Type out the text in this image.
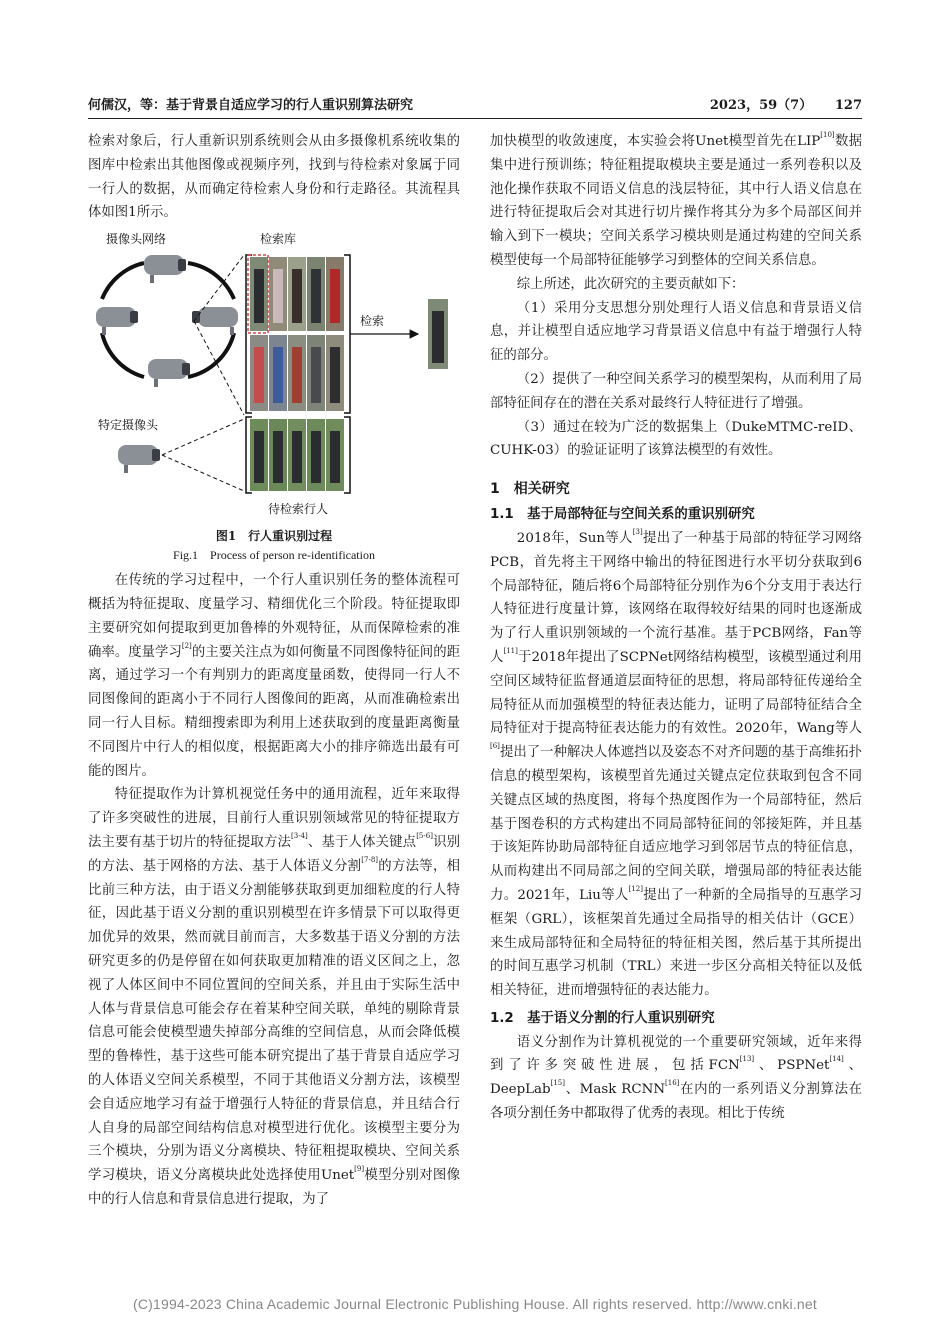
何儒汉，等：基于背景自适应学习的行人重识别算法研究	2023，59（7） 127

检索对象后，行人重新识别系统则会从由多摄像机系统收集的图库中检索出其他图像或视频序列，找到与待检索对象属于同一行人的数据，从而确定待检索人身份和行走路径。其流程具体如图1所示。

摄像头网络	检索库
检索
特定摄像头
待检索行人
图1　行人重识别过程
Fig.1　Process of person re-identification

在传统的学习过程中，一个行人重识别任务的整体流程可概括为特征提取、度量学习、精细优化三个阶段。特征提取即主要研究如何提取到更加鲁棒的外观特征，从而保障检索的准确率。度量学习[2]的主要关注点为如何衡量不同图像特征间的距离，通过学习一个有判别力的距离度量函数，使得同一行人不同图像间的距离小于不同行人图像间的距离，从而准确检索出同一行人目标。精细搜索即为利用上述获取到的度量距离衡量不同图片中行人的相似度，根据距离大小的排序筛选出最有可能的图片。

特征提取作为计算机视觉任务中的通用流程，近年来取得了许多突破性的进展，目前行人重识别领域常见的特征提取方法主要有基于切片的特征提取方法[3-4]、基于人体关键点[5-6]识别的方法、基于网格的方法、基于人体语义分割[7-8]的方法等，相比前三种方法，由于语义分割能够获取到更加细粒度的行人特征，因此基于语义分割的重识别模型在许多情景下可以取得更加优异的效果，然而就目前而言，大多数基于语义分割的方法研究更多的仍是停留在如何获取更加精准的语义区间之上，忽视了人体区间中不同位置间的空间关系，并且由于实际生活中人体与背景信息可能会存在着某种空间关联，单纯的剔除背景信息可能会使模型遗失掉部分高维的空间信息，从而会降低模型的鲁棒性，基于这些可能本研究提出了基于背景自适应学习的人体语义空间关系模型，不同于其他语义分割方法，该模型会自适应地学习有益于增强行人特征的背景信息，并且结合行人自身的局部空间结构信息对模型进行优化。该模型主要分为三个模块，分别为语义分离模块、特征粗提取模块、空间关系学习模块，语义分离模块此处选择使用Unet[9]模型分别对图像中的行人信息和背景信息进行提取，为了

加快模型的收敛速度，本实验会将Unet模型首先在LIP[10]数据集中进行预训练；特征粗提取模块主要是通过一系列卷积以及池化操作获取不同语义信息的浅层特征，其中行人语义信息在进行特征提取后会对其进行切片操作将其分为多个局部区间并输入到下一模块；空间关系学习模块则是通过构建的空间关系模型使每一个局部特征能够学习到整体的空间关系信息。

综上所述，此次研究的主要贡献如下：

（1）采用分支思想分别处理行人语义信息和背景语义信息，并让模型自适应地学习背景语义信息中有益于增强行人特征的部分。

（2）提供了一种空间关系学习的模型架构，从而利用了局部特征间存在的潜在关系对最终行人特征进行了增强。

（3）通过在较为广泛的数据集上（DukeMTMC-reID、CUHK-03）的验证证明了该算法模型的有效性。

1　相关研究
1.1　基于局部特征与空间关系的重识别研究

2018年，Sun等人[3]提出了一种基于局部的特征学习网络PCB，首先将主干网络中输出的特征图进行水平切分获取到6个局部特征，随后将6个局部特征分别作为6个分支用于表达行人特征进行度量计算，该网络在取得较好结果的同时也逐渐成为了行人重识别领域的一个流行基准。基于PCB网络，Fan等人[11]于2018年提出了SCPNet网络结构模型，该模型通过利用空间区域特征监督通道层面特征的思想，将局部特征传递给全局特征从而加强模型的特征表达能力，证明了局部特征结合全局特征对于提高特征表达能力的有效性。2020年，Wang等人[6]提出了一种解决人体遮挡以及姿态不对齐问题的基于高维拓扑信息的模型架构，该模型首先通过关键点定位获取到包含不同关键点区域的热度图，将每个热度图作为一个局部特征，然后基于图卷积的方式构建出不同局部特征间的邻接矩阵，并且基于该矩阵协助局部特征自适应地学习到邻居节点的特征信息，从而构建出不同局部之间的空间关联，增强局部的特征表达能力。2021年，Liu等人[12]提出了一种新的全局指导的互惠学习框架（GRL），该框架首先通过全局指导的相关估计（GCE）来生成局部特征和全局特征的特征相关图，然后基于其所提出的时间互惠学习机制（TRL）来进一步区分高相关特征以及低相关特征，进而增强特征的表达能力。

1.2　基于语义分割的行人重识别研究

语义分割作为计算机视觉的一个重要研究领域，近年来得到了许多突破性进展，包括FCN[13]、PSPNet[14]、DeepLab[15]、Mask RCNN[16]在内的一系列语义分割算法在各项分割任务中都取得了优秀的表现。相比于传统

(C)1994-2023 China Academic Journal Electronic Publishing House. All rights reserved. http://www.cnki.net
